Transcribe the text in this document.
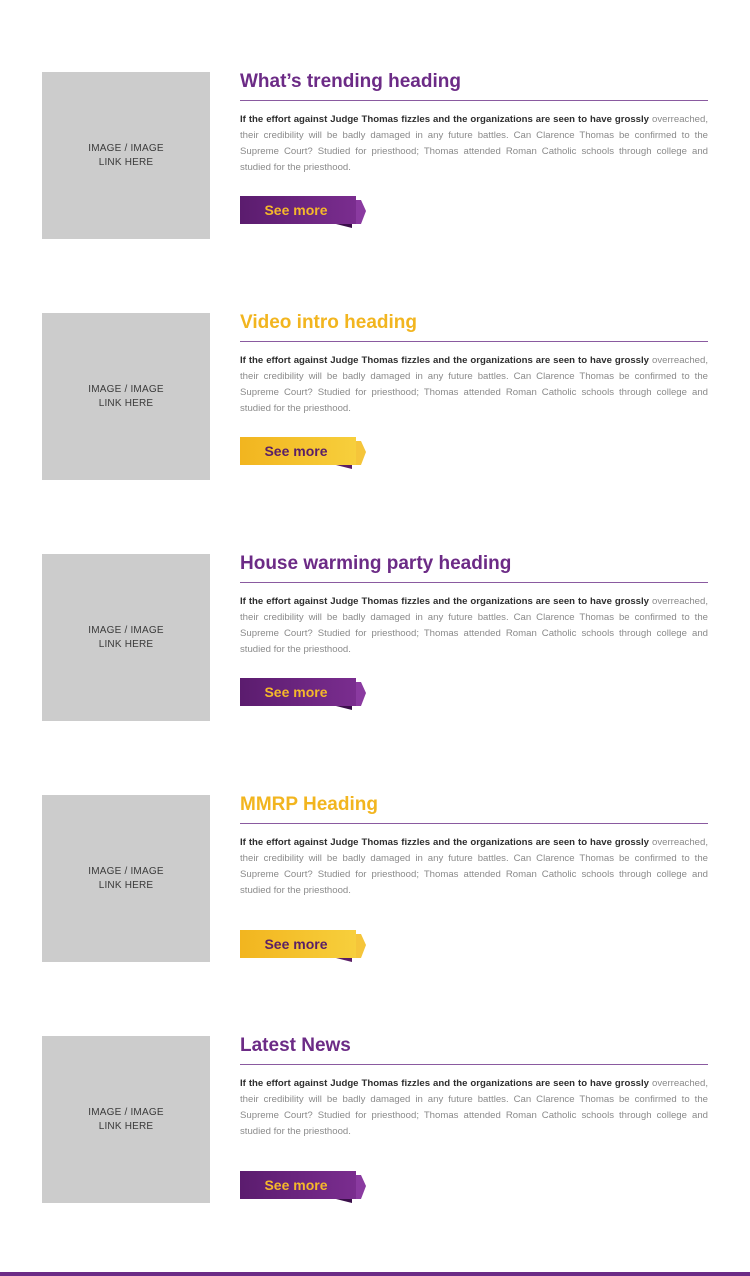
IMAGE / IMAGE
LINK HERE
What’s trending heading

If the effort against Judge Thomas fizzles and the organizations are seen to have grossly overreached, their credibility will be badly damaged in any future battles. Can Clarence Thomas be confirmed to the Supreme Court? Studied for priesthood; Thomas attended Roman Catholic schools through college and studied for the priesthood.

See more
IMAGE / IMAGE
LINK HERE
Video intro heading

If the effort against Judge Thomas fizzles and the organizations are seen to have grossly overreached, their credibility will be badly damaged in any future battles. Can Clarence Thomas be confirmed to the Supreme Court? Studied for priesthood; Thomas attended Roman Catholic schools through college and studied for the priesthood.

See more
IMAGE / IMAGE
LINK HERE
House warming party heading

If the effort against Judge Thomas fizzles and the organizations are seen to have grossly overreached, their credibility will be badly damaged in any future battles. Can Clarence Thomas be confirmed to the Supreme Court? Studied for priesthood; Thomas attended Roman Catholic schools through college and studied for the priesthood.

See more
IMAGE / IMAGE
LINK HERE
MMRP Heading

If the effort against Judge Thomas fizzles and the organizations are seen to have grossly overreached, their credibility will be badly damaged in any future battles. Can Clarence Thomas be confirmed to the Supreme Court? Studied for priesthood; Thomas attended Roman Catholic schools through college and studied for the priesthood.

See more
IMAGE / IMAGE
LINK HERE
Latest News

If the effort against Judge Thomas fizzles and the organizations are seen to have grossly overreached, their credibility will be badly damaged in any future battles. Can Clarence Thomas be confirmed to the Supreme Court? Studied for priesthood; Thomas attended Roman Catholic schools through college and studied for the priesthood.

See more
